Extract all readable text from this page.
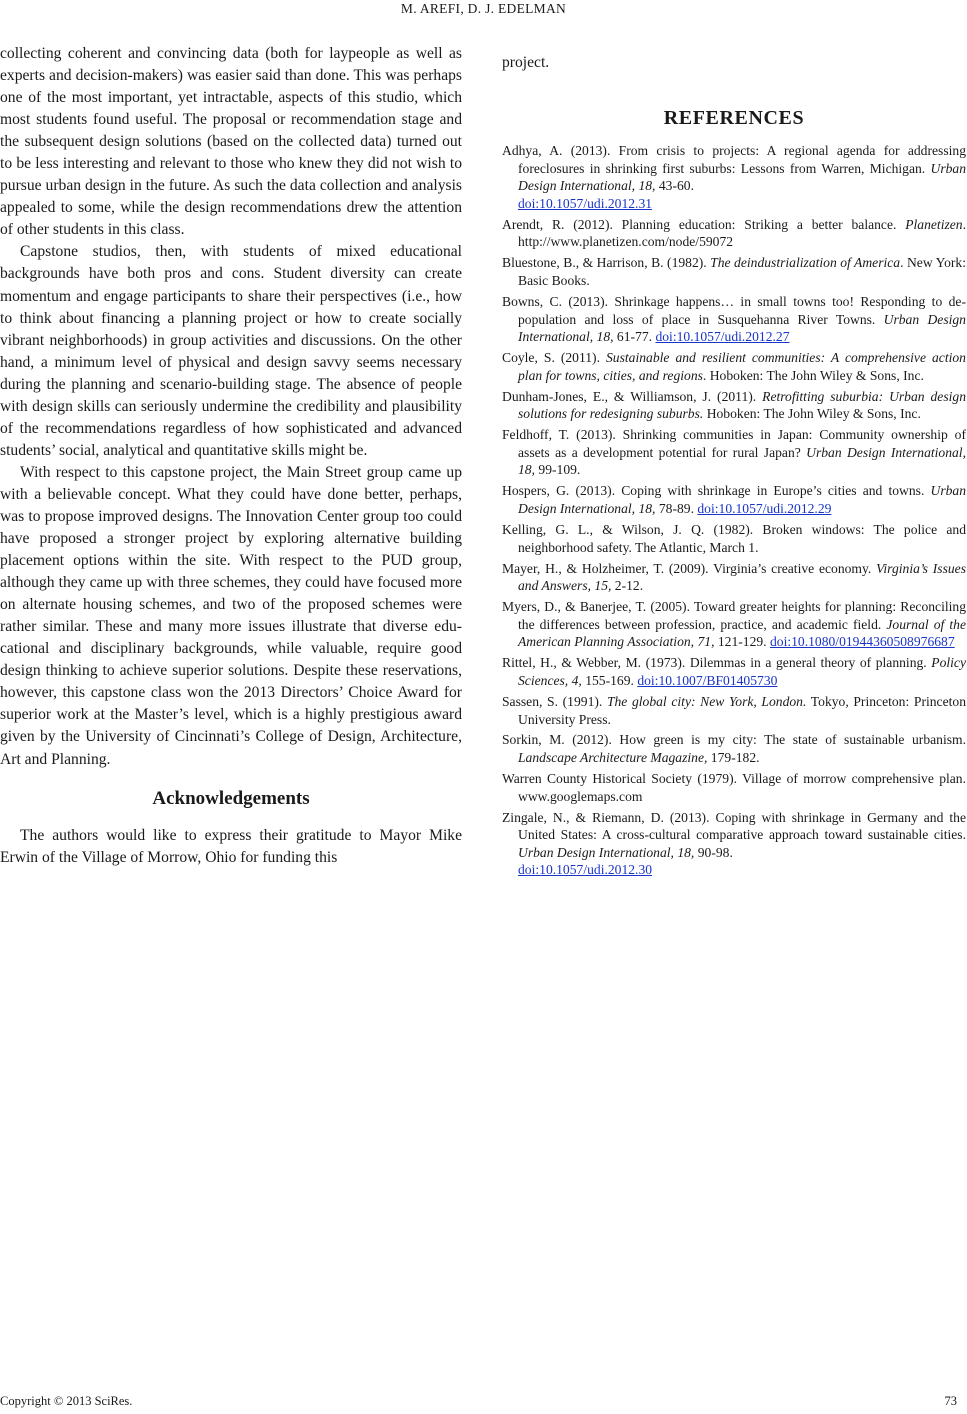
M. AREFI, D. J. EDELMAN

collecting coherent and convincing data (both for laypeople as well as experts and decision-makers) was easier said than done. This was perhaps one of the most important, yet intractable, aspects of this studio, which most students found useful. The proposal or recommendation stage and the subsequent design solutions (based on the collected data) turned out to be less interesting and relevant to those who knew they did not wish to pursue urban design in the future. As such the data collection and analysis appealed to some, while the design recommendations drew the attention of other students in this class.

Capstone studios, then, with students of mixed educational backgrounds have both pros and cons. Student diversity can create momentum and engage participants to share their perspectives (i.e., how to think about financing a planning project or how to create socially vibrant neighborhoods) in group activities and discussions. On the other hand, a minimum level of physical and design savvy seems necessary during the planning and scenario-building stage. The absence of people with design skills can seriously undermine the credibility and plausibility of the recommendations regardless of how sophisticated and advanced students’ social, analytical and quantitative skills might be.

With respect to this capstone project, the Main Street group came up with a believable concept. What they could have done better, perhaps, was to propose improved designs. The Innovation Center group too could have proposed a stronger project by exploring alternative building placement options within the site. With respect to the PUD group, although they came up with three schemes, they could have focused more on alternate housing schemes, and two of the proposed schemes were rather similar. These and many more issues illustrate that diverse educational and disciplinary backgrounds, while valuable, require good design thinking to achieve superior solutions. Despite these reservations, however, this capstone class won the 2013 Directors’ Choice Award for superior work at the Master’s level, which is a highly prestigious award given by the University of Cincinnati’s College of Design, Architecture, Art and Planning.

Acknowledgements

The authors would like to express their gratitude to Mayor Mike Erwin of the Village of Morrow, Ohio for funding this

project.

REFERENCES
Adhya, A. (2013). From crisis to projects: A regional agenda for addressing foreclosures in shrinking first suburbs: Lessons from Warren, Michigan. Urban Design International, 18, 43-60.
doi:10.1057/udi.2012.31
Arendt, R. (2012). Planning education: Striking a better balance. Planetizen. http://www.planetizen.com/node/59072
Bluestone, B., & Harrison, B. (1982). The deindustrialization of America. New York: Basic Books.
Bowns, C. (2013). Shrinkage happens… in small towns too! Responding to de-population and loss of place in Susquehanna River Towns. Urban Design International, 18, 61-77. doi:10.1057/udi.2012.27
Coyle, S. (2011). Sustainable and resilient communities: A comprehensive action plan for towns, cities, and regions. Hoboken: The John Wiley & Sons, Inc.
Dunham-Jones, E., & Williamson, J. (2011). Retrofitting suburbia: Urban design solutions for redesigning suburbs. Hoboken: The John Wiley & Sons, Inc.
Feldhoff, T. (2013). Shrinking communities in Japan: Community ownership of assets as a development potential for rural Japan? Urban Design International, 18, 99-109.
Hospers, G. (2013). Coping with shrinkage in Europe’s cities and towns. Urban Design International, 18, 78-89. doi:10.1057/udi.2012.29
Kelling, G. L., & Wilson, J. Q. (1982). Broken windows: The police and neighborhood safety. The Atlantic, March 1.
Mayer, H., & Holzheimer, T. (2009). Virginia’s creative economy. Virginia’s Issues and Answers, 15, 2-12.
Myers, D., & Banerjee, T. (2005). Toward greater heights for planning: Reconciling the differences between profession, practice, and academic field. Journal of the American Planning Association, 71, 121-129. doi:10.1080/01944360508976687
Rittel, H., & Webber, M. (1973). Dilemmas in a general theory of planning. Policy Sciences, 4, 155-169. doi:10.1007/BF01405730
Sassen, S. (1991). The global city: New York, London. Tokyo, Princeton: Princeton University Press.
Sorkin, M. (2012). How green is my city: The state of sustainable urbanism. Landscape Architecture Magazine, 179-182.
Warren County Historical Society (1979). Village of morrow comprehensive plan. www.googlemaps.com
Zingale, N., & Riemann, D. (2013). Coping with shrinkage in Germany and the United States: A cross-cultural comparative approach toward sustainable cities. Urban Design International, 18, 90-98.
doi:10.1057/udi.2012.30
Copyright © 2013 SciRes.	73
